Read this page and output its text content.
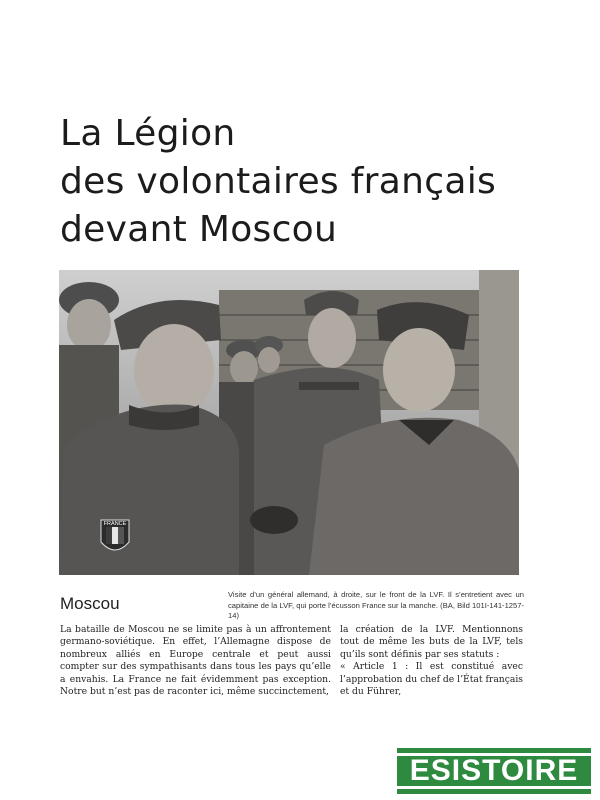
La Légion
des volontaires français
devant Moscou
FRANCE
Moscou	Visite d’un général allemand, à droite, sur le front de la LVF. Il s’entretient avec un capitaine de la LVF, qui porte l’écusson France sur la manche. (BA, Bild 101I-141-1257-14)

La bataille de Moscou ne se limite pas à un affrontement germano-soviétique. En effet, l’Allemagne dispose de nombreux alliés en Europe centrale et peut aussi compter sur des sympathisants dans tous les pays qu’elle a envahis. La France ne fait évidemment pas exception. Notre but n’est pas de raconter ici, même succinctement,

la création de la LVF. Mentionnons tout de même les buts de la LVF, tels qu’ils sont définis par ses statuts :

« Article 1 : Il est constitué avec l’approbation du chef de l’État français et du Führer,

ESISTOIRE
